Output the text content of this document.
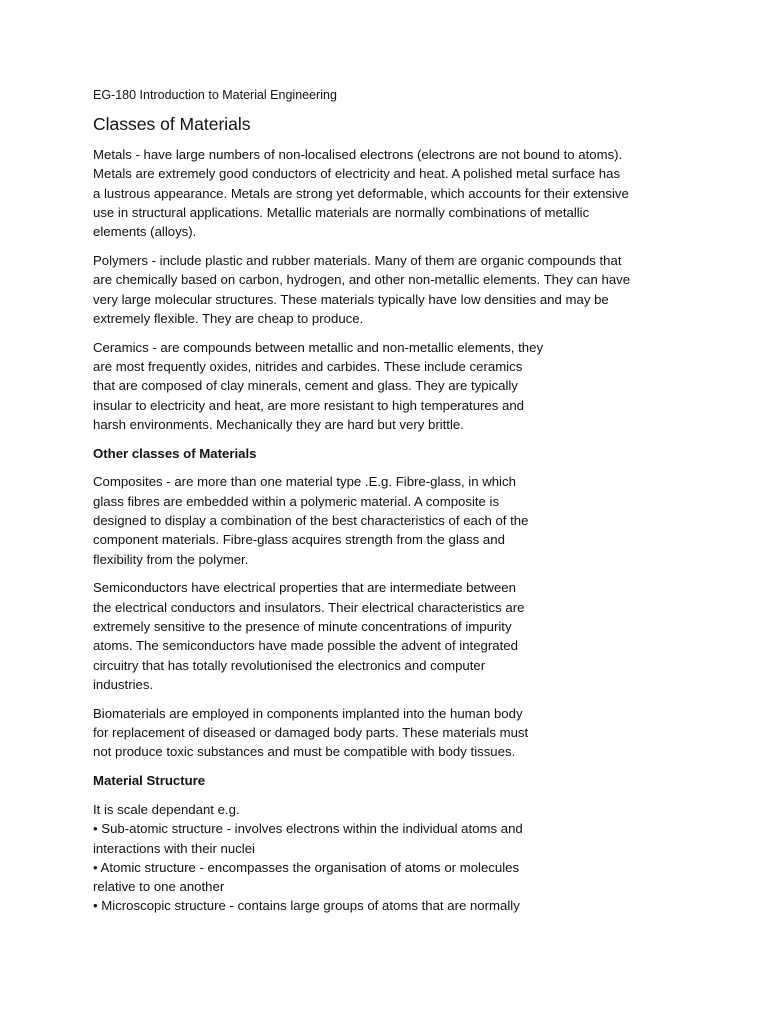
EG-180 Introduction to Material Engineering
Classes of Materials

Metals - have large numbers of non-localised electrons (electrons are not bound to atoms).
Metals are extremely good conductors of electricity and heat. A polished metal surface has
a lustrous appearance. Metals are strong yet deformable, which accounts for their extensive
use in structural applications. Metallic materials are normally combinations of metallic
elements (alloys).

Polymers - include plastic and rubber materials. Many of them are organic compounds that
are chemically based on carbon, hydrogen, and other non-metallic elements. They can have
very large molecular structures. These materials typically have low densities and may be
extremely flexible. They are cheap to produce.

Ceramics - are compounds between metallic and non-metallic elements, they
are most frequently oxides, nitrides and carbides. These include ceramics
that are composed of clay minerals, cement and glass. They are typically
insular to electricity and heat, are more resistant to high temperatures and
harsh environments. Mechanically they are hard but very brittle.

Other classes of Materials

Composites - are more than one material type .E.g. Fibre-glass, in which
glass fibres are embedded within a polymeric material. A composite is
designed to display a combination of the best characteristics of each of the
component materials. Fibre-glass acquires strength from the glass and
flexibility from the polymer.

Semiconductors have electrical properties that are intermediate between
the electrical conductors and insulators. Their electrical characteristics are
extremely sensitive to the presence of minute concentrations of impurity
atoms. The semiconductors have made possible the advent of integrated
circuitry that has totally revolutionised the electronics and computer
industries.

Biomaterials are employed in components implanted into the human body
for replacement of diseased or damaged body parts. These materials must
not produce toxic substances and must be compatible with body tissues.

Material Structure

It is scale dependant e.g.
• Sub-atomic structure - involves electrons within the individual atoms and
interactions with their nuclei
• Atomic structure - encompasses the organisation of atoms or molecules
relative to one another
• Microscopic structure - contains large groups of atoms that are normally
